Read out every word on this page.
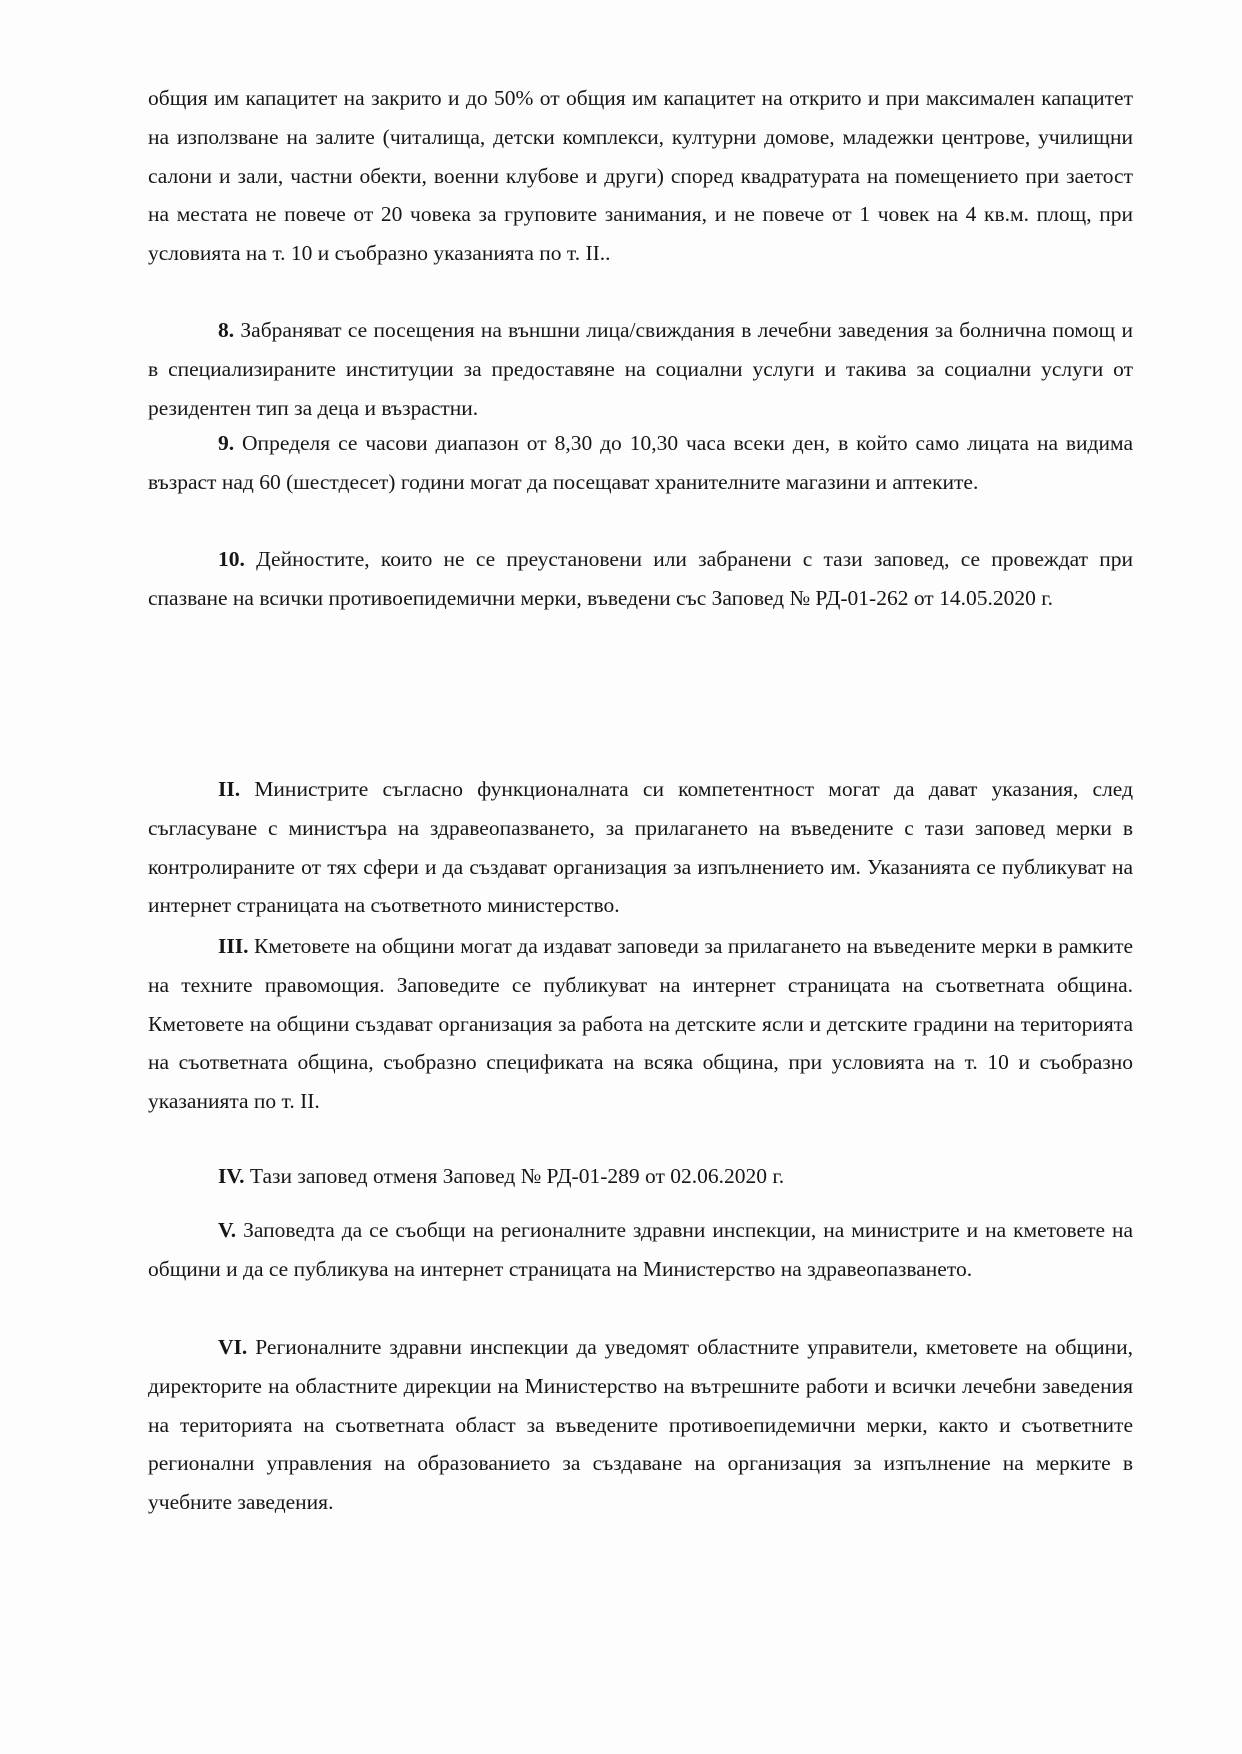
общия им капацитет на закрито и до 50% от общия им капацитет на открито и при максимален капацитет на използване на залите (читалища, детски комплекси, културни домове, младежки центрове, училищни салони и зали, частни обекти, военни клубове и други) според квадратурата на помещението при заетост на местата не повече от 20 човека за груповите занимания, и не повече от 1 човек на 4 кв.м. площ, при условията на т. 10 и съобразно указанията по т. II..

8. Забраняват се посещения на външни лица/свиждания в лечебни заведения за болнична помощ и в специализираните институции за предоставяне на социални услуги и такива за социални услуги от резидентен тип за деца и възрастни.

9. Определя се часови диапазон от 8,30 до 10,30 часа всеки ден, в който само лицата на видима възраст над 60 (шестдесет) години могат да посещават хранителните магазини и аптеките.

10. Дейностите, които не се преустановени или забранени с тази заповед, се провеждат при спазване на всички противоепидемични мерки, въведени със Заповед № РД-01-262 от 14.05.2020 г.

II. Министрите съгласно функционалната си компетентност могат да дават указания, след съгласуване с министъра на здравеопазването, за прилагането на въведените с тази заповед мерки в контролираните от тях сфери и да създават организация за изпълнението им. Указанията се публикуват на интернет страницата на съответното министерство.

III. Кметовете на общини могат да издават заповеди за прилагането на въведените мерки в рамките на техните правомощия. Заповедите се публикуват на интернет страницата на съответната община. Кметовете на общини създават организация за работа на детските ясли и детските градини на територията на съответната община, съобразно спецификата на всяка община, при условията на т. 10 и съобразно указанията по т. II.

IV. Тази заповед отменя Заповед № РД-01-289 от 02.06.2020 г.

V. Заповедта да се съобщи на регионалните здравни инспекции, на министрите и на кметовете на общини и да се публикува на интернет страницата на Министерство на здравеопазването.

VI. Регионалните здравни инспекции да уведомят областните управители, кметовете на общини, директорите на областните дирекции на Министерство на вътрешните работи и всички лечебни заведения на територията на съответната област за въведените противоепидемични мерки, както и съответните регионални управления на образованието за създаване на организация за изпълнение на мерките в учебните заведения.
